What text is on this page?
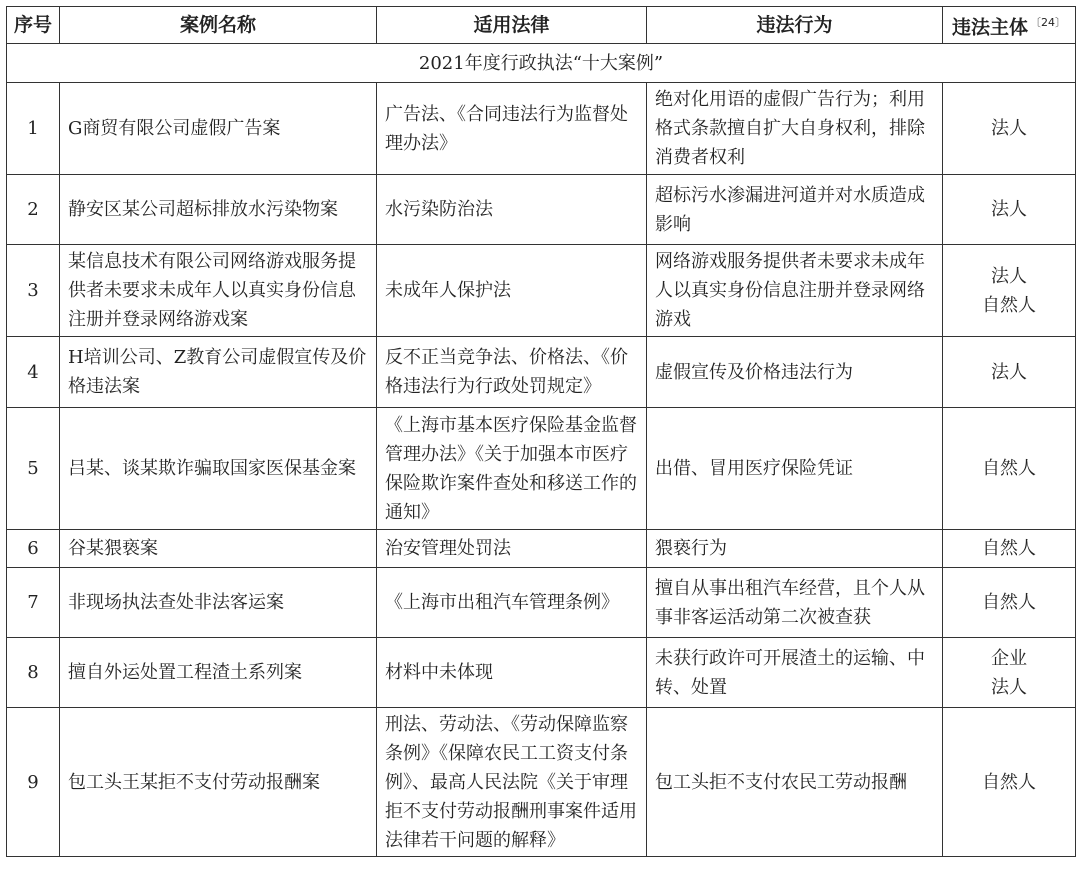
序号	案例名称	适用法律	违法行为	违法主体 $^{〔24〕}$
2021年度行政执法“十大案例”				
1	G商贸有限公司虚假广告案	广告法、《合同违法行为监督处理办法》	绝对化用语的虚假广告行为；利用格式条款擅自扩大自身权利，排除消费者权利	法人

2	静安区某公司超标排放水污染物案	水污染防治法	超标污水渗漏进河道并对水质造成影响	法人

3	某信息技术有限公司网络游戏服务提供者未要求未成年人以真实身份信息注册并登录网络游戏案	未成年人保护法	网络游戏服务提供者未要求未成年人以真实身份信息注册并登录网络游戏	法人
自然人

4	H培训公司、Z教育公司虚假宣传及价格违法案	反不正当竞争法、价格法、《价格违法行为行政处罚规定》	虚假宣传及价格违法行为	法人

5	吕某、谈某欺诈骗取国家医保基金案	《上海市基本医疗保险基金监督管理办法》《关于加强本市医疗保险欺诈案件查处和移送工作的通知》	出借、冒用医疗保险凭证	自然人

6	谷某猥亵案	治安管理处罚法	猥亵行为	自然人

7	非现场执法查处非法客运案	《上海市出租汽车管理条例》	擅自从事出租汽车经营，且个人从事非客运活动第二次被查获	自然人

8	擅自外运处置工程渣土系列案	材料中未体现	未获行政许可开展渣土的运输、中转、处置	企业
法人

9	包工头王某拒不支付劳动报酬案	刑法、劳动法、《劳动保障监察条例》《保障农民工工资支付条例》、最高人民法院《关于审理拒不支付劳动报酬刑事案件适用法律若干问题的解释》	包工头拒不支付农民工劳动报酬	自然人
